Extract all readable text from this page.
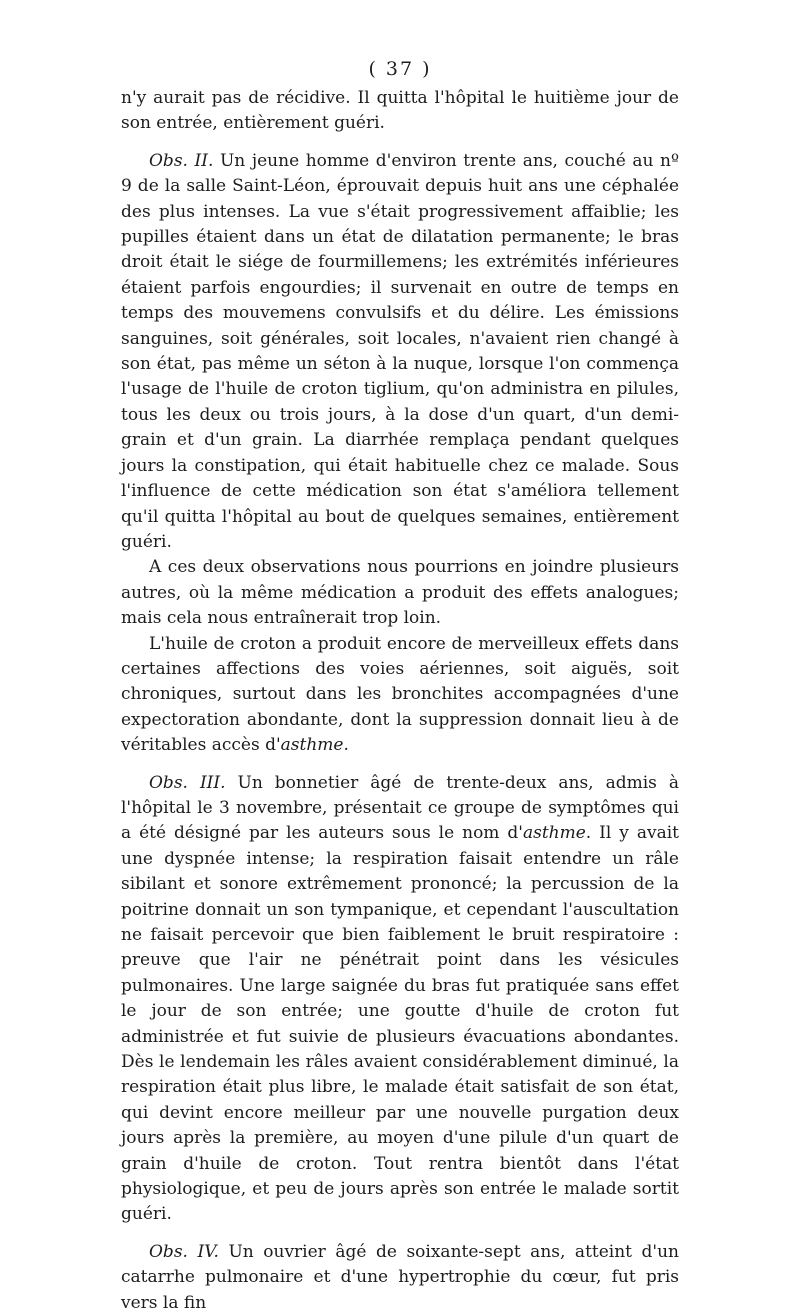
( 37 )

n'y aurait pas de récidive. Il quitta l'hôpital le huitième jour de son entrée, entièrement guéri.

Obs. II. Un jeune homme d'environ trente ans, couché au nº 9 de la salle Saint-Léon, éprouvait depuis huit ans une céphalée des plus intenses. La vue s'était progressivement affaiblie; les pupilles étaient dans un état de dilatation permanente; le bras droit était le siége de fourmillemens; les extrémités inférieures étaient parfois engourdies; il survenait en outre de temps en temps des mouvemens convulsifs et du délire. Les émissions sanguines, soit générales, soit locales, n'avaient rien changé à son état, pas même un séton à la nuque, lorsque l'on commença l'usage de l'huile de croton tiglium, qu'on administra en pilules, tous les deux ou trois jours, à la dose d'un quart, d'un demi-grain et d'un grain. La diarrhée remplaça pendant quelques jours la constipation, qui était habituelle chez ce malade. Sous l'influence de cette médication son état s'améliora tellement qu'il quitta l'hôpital au bout de quelques semaines, entièrement guéri.

A ces deux observations nous pourrions en joindre plusieurs autres, où la même médication a produit des effets analogues; mais cela nous entraînerait trop loin.

L'huile de croton a produit encore de merveilleux effets dans certaines affections des voies aériennes, soit aiguës, soit chroniques, surtout dans les bronchites accompagnées d'une expectoration abondante, dont la suppression donnait lieu à de véritables accès d'asthme.

Obs. III. Un bonnetier âgé de trente-deux ans, admis à l'hôpital le 3 novembre, présentait ce groupe de symptômes qui a été désigné par les auteurs sous le nom d'asthme. Il y avait une dyspnée intense; la respiration faisait entendre un râle sibilant et sonore extrêmement prononcé; la percussion de la poitrine donnait un son tympanique, et cependant l'auscultation ne faisait percevoir que bien faiblement le bruit respiratoire : preuve que l'air ne pénétrait point dans les vésicules pulmonaires. Une large saignée du bras fut pratiquée sans effet le jour de son entrée; une goutte d'huile de croton fut administrée et fut suivie de plusieurs évacuations abondantes. Dès le lendemain les râles avaient considérablement diminué, la respiration était plus libre, le malade était satisfait de son état, qui devint encore meilleur par une nouvelle purgation deux jours après la première, au moyen d'une pilule d'un quart de grain d'huile de croton. Tout rentra bientôt dans l'état physiologique, et peu de jours après son entrée le malade sortit guéri.

Obs. IV. Un ouvrier âgé de soixante-sept ans, atteint d'un catarrhe pulmonaire et d'une hypertrophie du cœur, fut pris vers la fin
